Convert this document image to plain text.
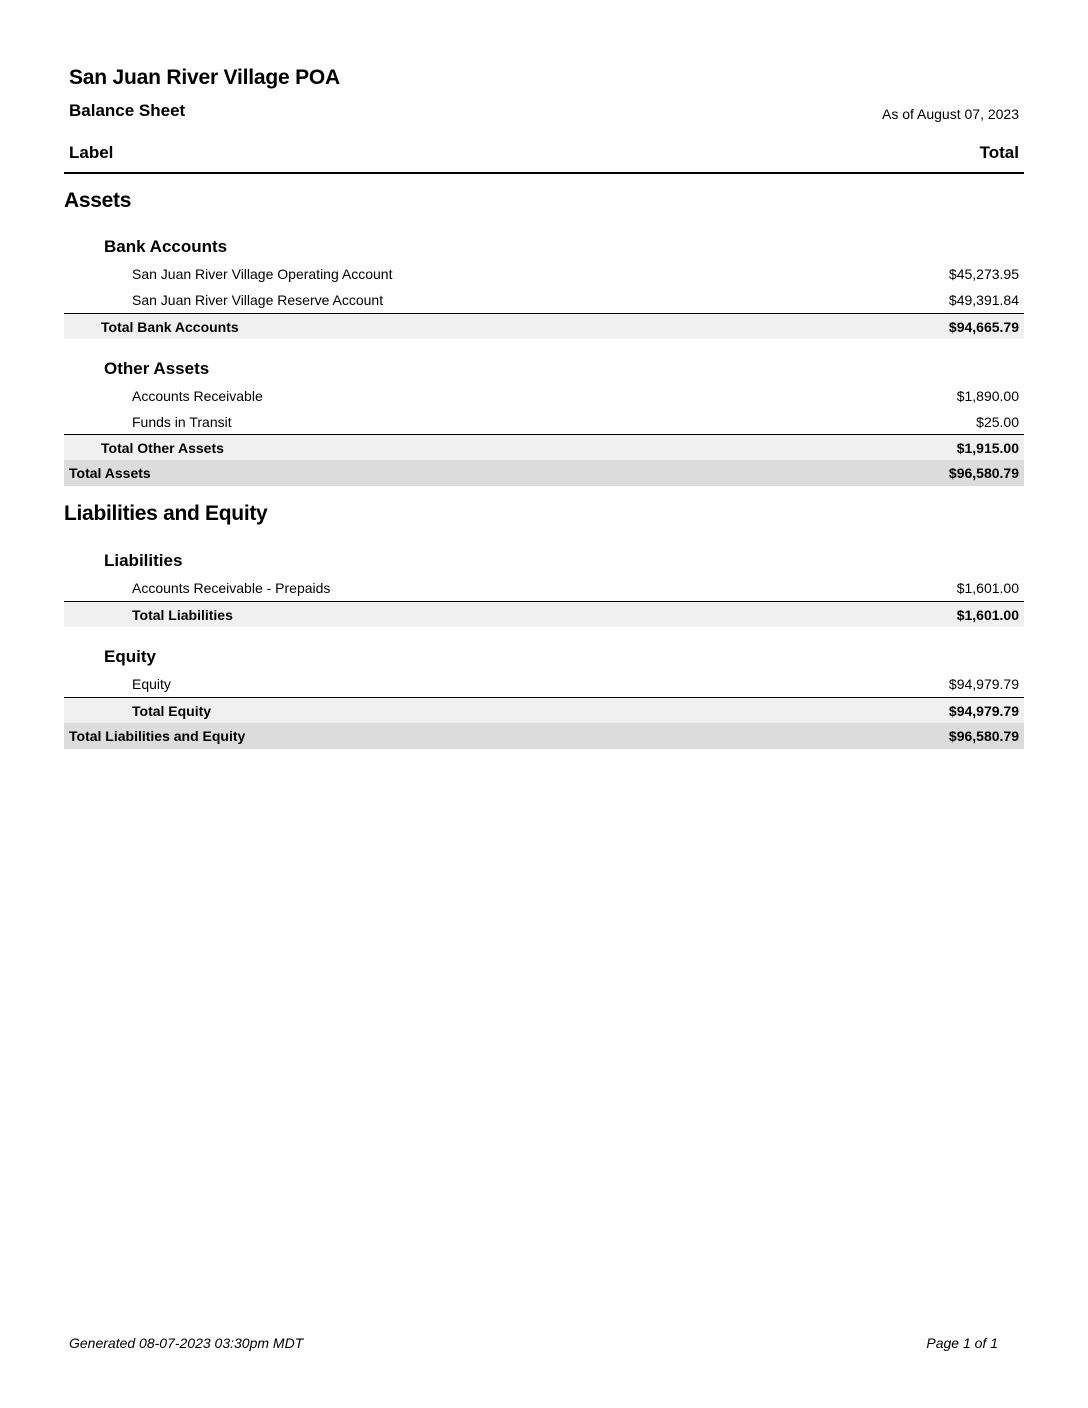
San Juan River Village POA
Balance Sheet	As of August 07, 2023
Label	Total
Assets
Bank Accounts
San Juan River Village Operating Account	$45,273.95
San Juan River Village Reserve Account	$49,391.84
Total Bank Accounts	$94,665.79
Other Assets
Accounts Receivable	$1,890.00
Funds in Transit	$25.00
Total Other Assets	$1,915.00
Total Assets	$96,580.79
Liabilities and Equity
Liabilities
Accounts Receivable - Prepaids	$1,601.00
Total Liabilities	$1,601.00
Equity
Equity	$94,979.79
Total Equity	$94,979.79
Total Liabilities and Equity	$96,580.79
Generated 08-07-2023 03:30pm MDT	Page 1 of 1
